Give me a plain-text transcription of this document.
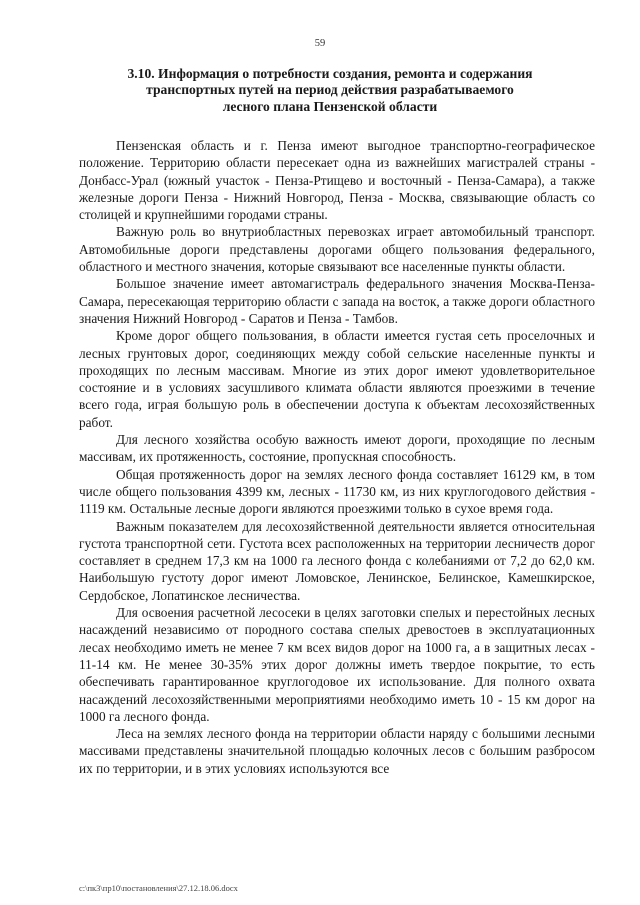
59
3.10. Информация о потребности создания, ремонта и содержания
транспортных путей на период действия разрабатываемого
лесного плана Пензенской области

Пензенская область и г. Пенза имеют выгодное транспортно-географическое положение. Территорию области пересекает одна из важнейших магистралей страны - Донбасс-Урал (южный участок - Пенза-Ртищево и восточный - Пенза-Самара), а также железные дороги Пенза - Нижний Новгород, Пенза - Москва, связывающие область со столицей и крупнейшими городами страны.

Важную роль во внутриобластных перевозках играет автомобильный транспорт. Автомобильные дороги представлены дорогами общего пользования федерального, областного и местного значения, которые связывают все населенные пункты области.

Большое значение имеет автомагистраль федерального значения Москва-Пенза-Самара, пересекающая территорию области с запада на восток, а также дороги областного значения Нижний Новгород - Саратов и Пенза - Тамбов.

Кроме дорог общего пользования, в области имеется густая сеть проселочных и лесных грунтовых дорог, соединяющих между собой сельские населенные пункты и проходящих по лесным массивам. Многие из этих дорог имеют удовлетворительное состояние и в условиях засушливого климата области являются проезжими в течение всего года, играя большую роль в обеспечении доступа к объектам лесохозяйственных работ.

Для лесного хозяйства особую важность имеют дороги, проходящие по лесным массивам, их протяженность, состояние, пропускная способность.

Общая протяженность дорог на землях лесного фонда составляет 16129 км, в том числе общего пользования 4399 км, лесных - 11730 км, из них круглогодового действия - 1119 км. Остальные лесные дороги являются проезжими только в сухое время года.

Важным показателем для лесохозяйственной деятельности является относительная густота транспортной сети. Густота всех расположенных на территории лесничеств дорог составляет в среднем 17,3 км на 1000 га лесного фонда с колебаниями от 7,2 до 62,0 км. Наибольшую густоту дорог имеют Ломовское, Ленинское, Белинское, Камешкирское, Сердобское, Лопатинское лесничества.

Для освоения расчетной лесосеки в целях заготовки спелых и перестойных лесных насаждений независимо от породного состава спелых древостоев в эксплуатационных лесах необходимо иметь не менее 7 км всех видов дорог на 1000 га, а в защитных лесах - 11-14 км. Не менее 30-35% этих дорог должны иметь твердое покрытие, то есть обеспечивать гарантированное круглогодовое их использование. Для полного охвата насаждений лесохозяйственными мероприятиями необходимо иметь 10 - 15 км дорог на 1000 га лесного фонда.

Леса на землях лесного фонда на территории области наряду с большими лесными массивами представлены значительной площадью колочных лесов с большим разбросом их по территории, и в этих условиях используются все

c:\пк3\пр10\постановления\27.12.18.06.docx
